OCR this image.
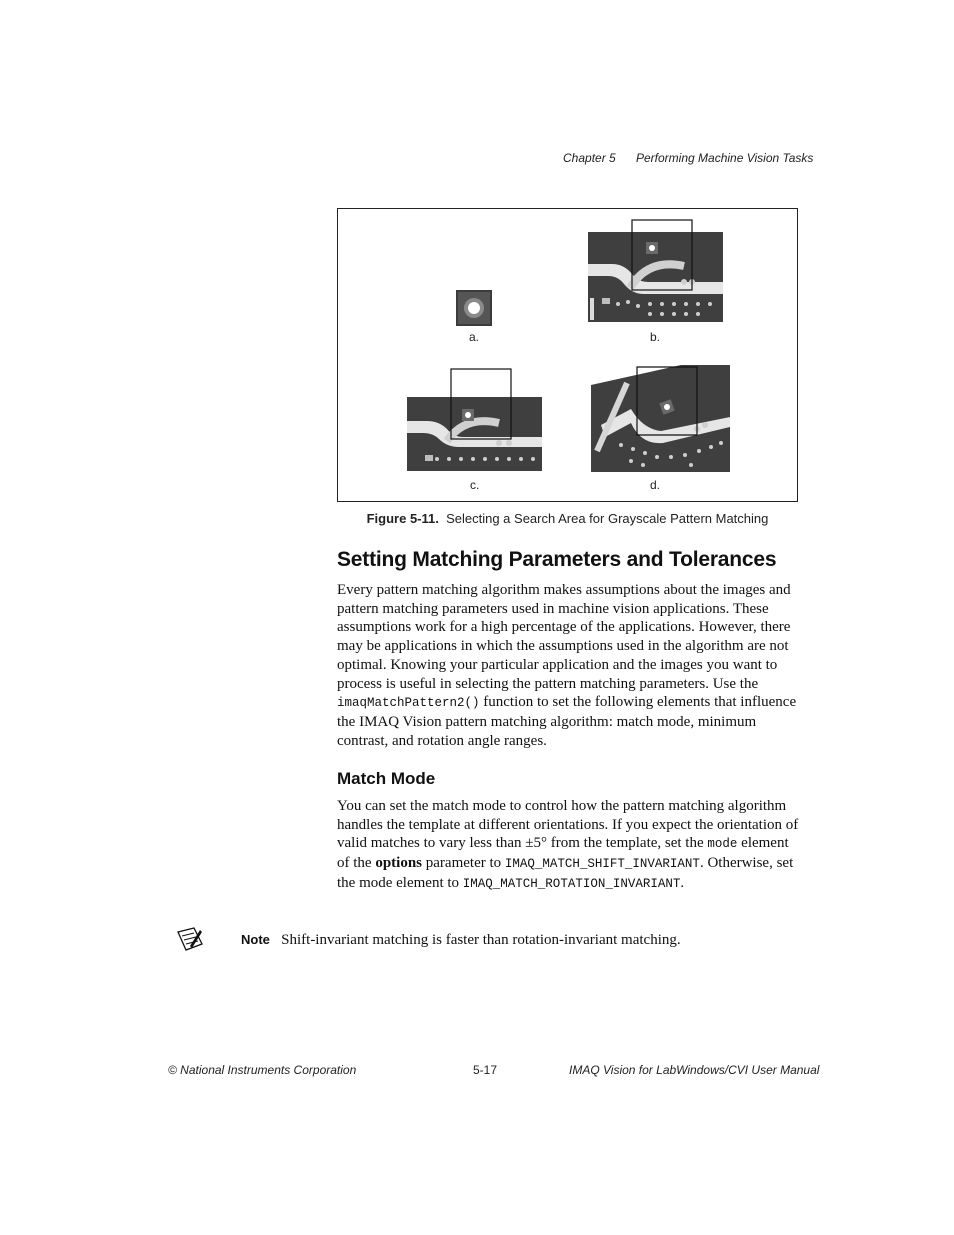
Chapter 5 Performing Machine Vision Tasks
a.	b.
c.	d.
Figure 5-11. Selecting a Search Area for Grayscale Pattern Matching
Setting Matching Parameters and Tolerances

Every pattern matching algorithm makes assumptions about the images and pattern matching parameters used in machine vision applications. These assumptions work for a high percentage of the applications. However, there may be applications in which the assumptions used in the algorithm are not optimal. Knowing your particular application and the images you want to process is useful in selecting the pattern matching parameters. Use the imaqMatchPattern2() function to set the following elements that influence the IMAQ Vision pattern matching algorithm: match mode, minimum contrast, and rotation angle ranges.

Match Mode

You can set the match mode to control how the pattern matching algorithm handles the template at different orientations. If you expect the orientation of valid matches to vary less than ±5° from the template, set the mode element of the options parameter to IMAQ_MATCH_SHIFT_INVARIANT. Otherwise, set the mode element to IMAQ_MATCH_ROTATION_INVARIANT.

Note Shift-invariant matching is faster than rotation-invariant matching.
© National Instruments Corporation	5-17	IMAQ Vision for LabWindows/CVI User Manual
